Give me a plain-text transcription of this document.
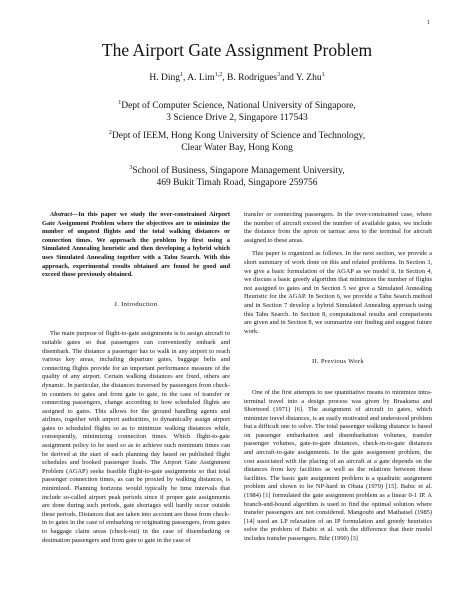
1
The Airport Gate Assignment Problem
H. Ding$^1$, A. Lim$^{1,2}$, B. Rodrigues$^3$and Y. Zhu$^1$
$^1$Dept of Computer Science, National University of Singapore,
3 Science Drive 2, Singapore 117543
$^2$Dept of IEEM, Hong Kong University of Science and Technology,
Clear Water Bay, Hong Kong
$^3$School of Business, Singapore Management University,
469 Bukit Timah Road, Singapore 259756

Abstract—In this paper we study the over-constrained Airport Gate Assignment Problem where the objectives are to minimize the number of ungated flights and the total walking distances or connection times. We approach the problem by first using a Simulated Annealing heuristic and then developing a hybrid which uses Simulated Annealing together with a Tabu Search. With this approach, experimental results obtained are found be good and exceed those previously obtained.

I. Introduction

The main purpose of flight-to-gate assignments is to assign aircraft to suitable gates so that passengers can conveniently embark and disembark. The distance a passenger has to walk in any airport to reach various key areas, including departure gates, baggage belts and connecting flights provide for an important performance measure of the quality of any airport. Certain walking distances are fixed, others are dynamic. In particular, the distances traversed by passengers from check-in counters to gates and from gate to gate, in the case of transfer or connecting passengers, change according to how scheduled flights are assigned to gates. This allows for the ground handling agents and airlines, together with airport authorities, to dynamically assign airport gates to scheduled flights so as to minimize walking distances while, consequently, minimizing connection times. Which flight-to-gate assignment policy to be used so as to achieve such minimum times can be derived at the start of each planning day based on published flight schedules and booked passenger loads. The Airport Gate Assignment Problem (AGAP) seeks feasible flight-to-gate assignments so that total passenger connection times, as can be proxied by walking distances, is minimized. Planning horizons would typically be time intervals that include so-called airport peak periods since if proper gate assignments are done during such periods, gate shortages will hardly occur outside these periods. Distances that are taken into account are those from check-in to gates in the case of embarking or originating passengers, from gates to baggage claim areas (check-out) in the case of disembarking or destination passengers and from gate to gate in the case of

transfer or connecting passengers. In the over-constrained case, where the number of aircraft exceed the number of available gates, we include the distance from the apron or tarmac area to the terminal for aircraft assigned to these areas.

This paper is organized as follows. In the next section, we provide a short summary of work done on this and related problems. In Section 3, we give a basic formulation of the AGAP as we model it. In Section 4, we discuss a basic greedy algorithm that minimizes the number of flights not assigned to gates and in Section 5 we give a Simulated Annealing Heuristic for the AGAP. In Section 6, we provide a Tabu Search method and in Section 7 develop a hybrid Simulated Annealing approach using this Tabu Search. In Section 8, computational results and comparisons are given and in Section 8, we summarize our finding and suggest future work.

II. Previous Work

One of the first attempts to use quantitative means to minimize intra-terminal travel into a design process was given by Braaksma and Shortreed (1971) [6]. The assignment of aircraft to gates, which minimize travel distances, is an easily motivated and understood problem but a difficult one to solve. The total passenger walking distance is based on passenger embarkation and disembarkation volumes, transfer passenger volumes, gate-to-gate distances, check-in-to-gate distances and aircraft-to-gate assignments. In the gate assignment problem, the cost associated with the placing of an aircraft at a gate depends on the distances from key facilities as well as the relations between these facilities. The basic gate assignment problem is a quadratic assignment problem and shown to be NP-hard in Obata (1979) [15]. Babic et al. (1984) [1] formulated the gate assignment problem as a linear 0-1 IP. A branch-and-bound algorithm is used to find the optimal solution where transfer passengers are not considered. Mangoubi and Mathaisel (1985) [14] used an LP relaxation of an IP formulation and greedy heuristics solve the problem of Babic et al. with the difference that their model includes transfer passengers. Bihr (1990) [3]
